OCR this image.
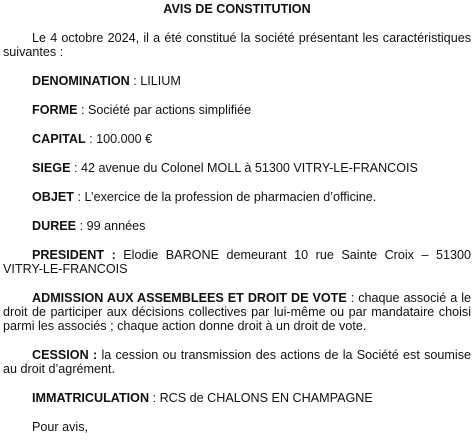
AVIS DE CONSTITUTION

Le 4 octobre 2024, il a été constitué la société présentant les caractéristiques suivantes :

DENOMINATION : LILIUM

FORME : Société par actions simplifiée

CAPITAL : 100.000 €

SIEGE : 42 avenue du Colonel MOLL à 51300 VITRY-LE-FRANCOIS

OBJET : L’exercice de la profession de pharmacien d’officine.

DUREE : 99 années

PRESIDENT : Elodie BARONE demeurant 10 rue Sainte Croix – 51300 VITRY-LE-FRANCOIS

ADMISSION AUX ASSEMBLEES ET DROIT DE VOTE : chaque associé a le droit de participer aux décisions collectives par lui-même ou par mandataire choisi parmi les associés ; chaque action donne droit à un droit de vote.

CESSION : la cession ou transmission des actions de la Société est soumise au droit d’agrément.

IMMATRICULATION : RCS de CHALONS EN CHAMPAGNE

Pour avis,
